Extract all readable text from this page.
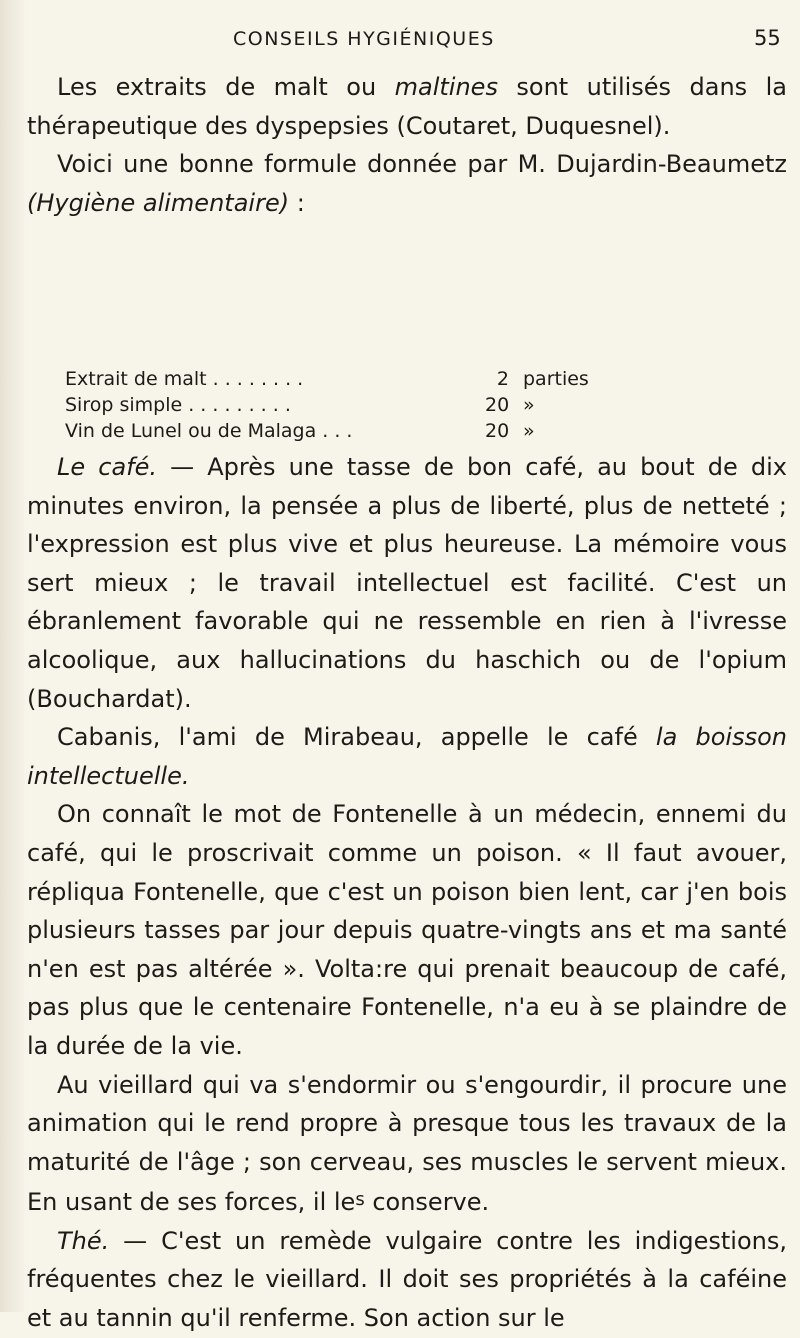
CONSEILS HYGIÉNIQUES	55

Les extraits de malt ou maltines sont utilisés dans la thérapeutique des dyspepsies (Coutaret, Duquesnel).

Voici une bonne formule donnée par M. Dujardin-Beaumetz (Hygiène alimentaire) :

Extrait de malt . . . . . . . .	2 parties
Sirop simple . . . . . . . . .	20 »
Vin de Lunel ou de Malaga . . .	20 »

Le café. — Après une tasse de bon café, au bout de dix minutes environ, la pensée a plus de liberté, plus de netteté ; l'expression est plus vive et plus heureuse. La mémoire vous sert mieux ; le travail intellectuel est facilité. C'est un ébranlement favorable qui ne ressemble en rien à l'ivresse alcoolique, aux hallucinations du haschich ou de l'opium (Bouchardat).

Cabanis, l'ami de Mirabeau, appelle le café la boisson intellectuelle.

On connaît le mot de Fontenelle à un médecin, ennemi du café, qui le proscrivait comme un poison. « Il faut avouer, répliqua Fontenelle, que c'est un poison bien lent, car j'en bois plusieurs tasses par jour depuis quatre-vingts ans et ma santé n'en est pas altérée ». Volta:re qui prenait beaucoup de café, pas plus que le centenaire Fontenelle, n'a eu à se plaindre de la durée de la vie.

Au vieillard qui va s'endormir ou s'engourdir, il procure une animation qui le rend propre à presque tous les travaux de la maturité de l'âge ; son cerveau, ses muscles le servent mieux. En usant de ses forces, il $le^s$ conserve.

Thé. — C'est un remède vulgaire contre les indigestions, fréquentes chez le vieillard. Il doit ses propriétés à la caféine et au tannin qu'il renferme. Son action sur le
